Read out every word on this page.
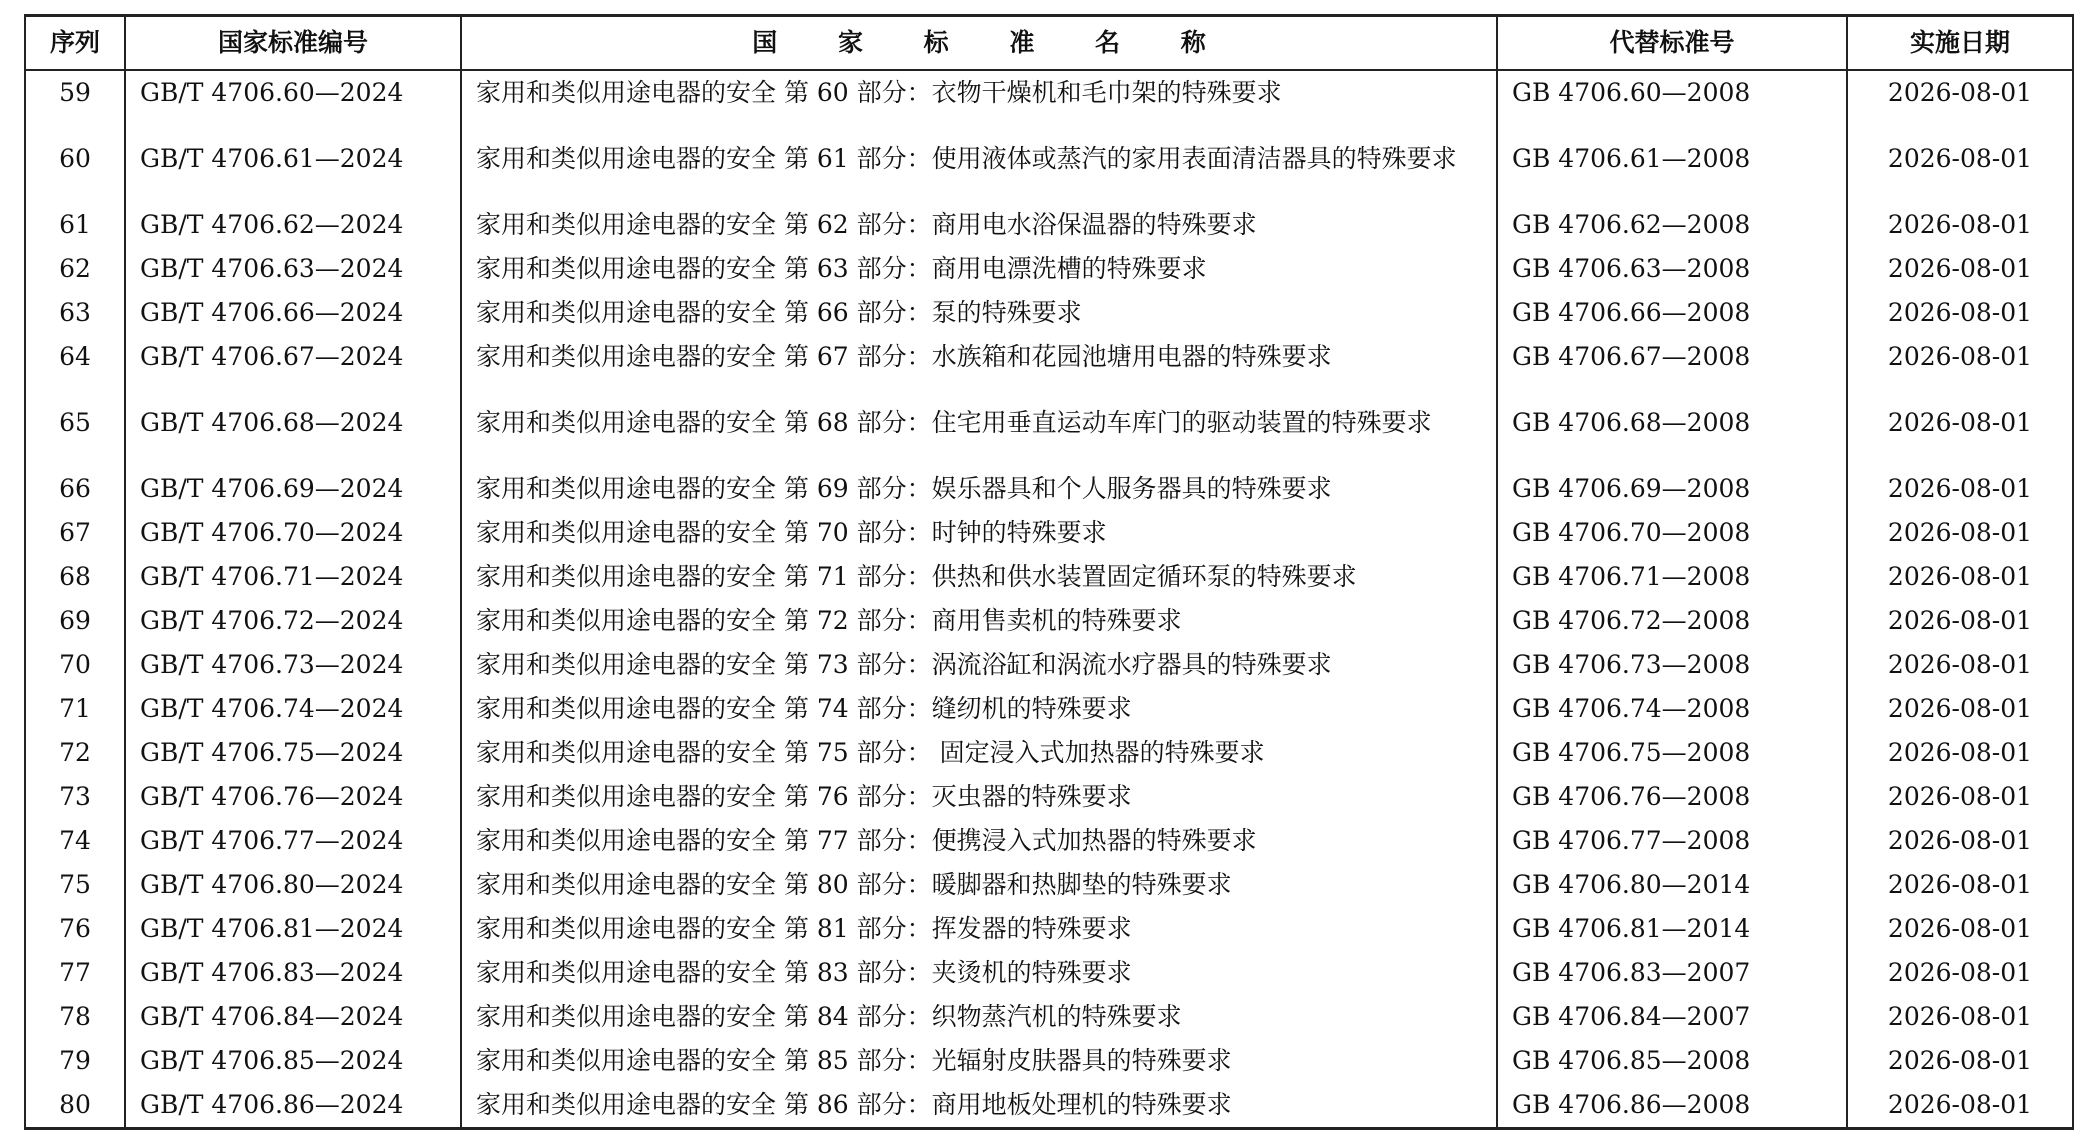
序列	国家标准编号	国 家 标 准 名 称	代替标准号	实施日期
59	GB/T 4706.60—2024	家用和类似用途电器的安全 第 60 部分：衣物干燥机和毛巾架的特殊要求	GB 4706.60—2008	2026-08-01
60	GB/T 4706.61—2024	家用和类似用途电器的安全 第 61 部分：使用液体或蒸汽的家用表面清洁器具的特殊要求	GB 4706.61—2008	2026-08-01
61	GB/T 4706.62—2024	家用和类似用途电器的安全 第 62 部分：商用电水浴保温器的特殊要求	GB 4706.62—2008	2026-08-01
62	GB/T 4706.63—2024	家用和类似用途电器的安全 第 63 部分：商用电漂洗槽的特殊要求	GB 4706.63—2008	2026-08-01
63	GB/T 4706.66—2024	家用和类似用途电器的安全 第 66 部分：泵的特殊要求	GB 4706.66—2008	2026-08-01
64	GB/T 4706.67—2024	家用和类似用途电器的安全 第 67 部分：水族箱和花园池塘用电器的特殊要求	GB 4706.67—2008	2026-08-01
65	GB/T 4706.68—2024	家用和类似用途电器的安全 第 68 部分：住宅用垂直运动车库门的驱动装置的特殊要求	GB 4706.68—2008	2026-08-01
66	GB/T 4706.69—2024	家用和类似用途电器的安全 第 69 部分：娱乐器具和个人服务器具的特殊要求	GB 4706.69—2008	2026-08-01
67	GB/T 4706.70—2024	家用和类似用途电器的安全 第 70 部分：时钟的特殊要求	GB 4706.70—2008	2026-08-01
68	GB/T 4706.71—2024	家用和类似用途电器的安全 第 71 部分：供热和供水装置固定循环泵的特殊要求	GB 4706.71—2008	2026-08-01
69	GB/T 4706.72—2024	家用和类似用途电器的安全 第 72 部分：商用售卖机的特殊要求	GB 4706.72—2008	2026-08-01
70	GB/T 4706.73—2024	家用和类似用途电器的安全 第 73 部分：涡流浴缸和涡流水疗器具的特殊要求	GB 4706.73—2008	2026-08-01
71	GB/T 4706.74—2024	家用和类似用途电器的安全 第 74 部分：缝纫机的特殊要求	GB 4706.74—2008	2026-08-01
72	GB/T 4706.75—2024	家用和类似用途电器的安全 第 75 部分： 固定浸入式加热器的特殊要求	GB 4706.75—2008	2026-08-01
73	GB/T 4706.76—2024	家用和类似用途电器的安全 第 76 部分：灭虫器的特殊要求	GB 4706.76—2008	2026-08-01
74	GB/T 4706.77—2024	家用和类似用途电器的安全 第 77 部分：便携浸入式加热器的特殊要求	GB 4706.77—2008	2026-08-01
75	GB/T 4706.80—2024	家用和类似用途电器的安全 第 80 部分：暖脚器和热脚垫的特殊要求	GB 4706.80—2014	2026-08-01
76	GB/T 4706.81—2024	家用和类似用途电器的安全 第 81 部分：挥发器的特殊要求	GB 4706.81—2014	2026-08-01
77	GB/T 4706.83—2024	家用和类似用途电器的安全 第 83 部分：夹烫机的特殊要求	GB 4706.83—2007	2026-08-01
78	GB/T 4706.84—2024	家用和类似用途电器的安全 第 84 部分：织物蒸汽机的特殊要求	GB 4706.84—2007	2026-08-01
79	GB/T 4706.85—2024	家用和类似用途电器的安全 第 85 部分：光辐射皮肤器具的特殊要求	GB 4706.85—2008	2026-08-01
80	GB/T 4706.86—2024	家用和类似用途电器的安全 第 86 部分：商用地板处理机的特殊要求	GB 4706.86—2008	2026-08-01
